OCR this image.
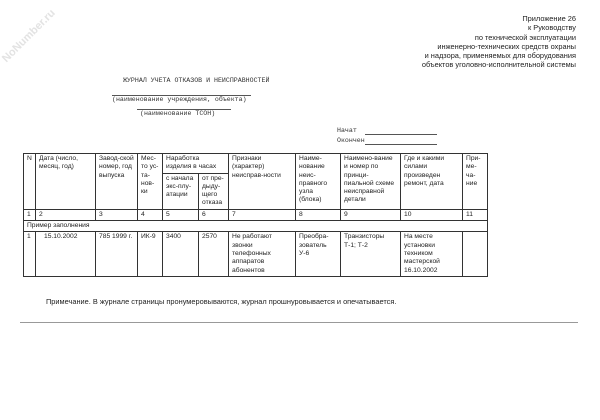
NoNumber.ru	Приложение 26
к Руководству
по технической эксплуатации
инженерно-технических средств охраны
и надзора, применяемых для оборудования
объектов уголовно-исполнительной системы
ЖУРНАЛ УЧЕТА ОТКАЗОВ И НЕИСПРАВНОСТЕЙ
(наименование учреждения, объекта)
(наименование ТСОН)
Начат
Окончен
N	Дата (число, месяц, год)	Завод-ской номер, год выпуска	Мес-то ус-та-нов-ки	Наработка изделия в часах		Признаки (характер) неисправ-ности	Наиме-нование неис-правного узла (блока)	Наимено-вание и номер по принци-пиальной схеме неисправной детали	Где и какими силами произведен ремонт, дата	При-ме-ча-ние
				с начала экс-плу-атации	от пре-дыду-щего отказа					
1	2	3	4	5	6	7	8	9	10	11
Пример заполнения										
1	15.10.2002	785 1999 г.	ИК-9	3400	2570	Не работают звонки телефонных аппаратов абонентов	Преобра-зователь У-6	Транзисторы Т-1; Т-2	На месте установки техником мастерской 16.10.2002	
Примечание. В журнале страницы пронумеровываются, журнал прошнуровывается и опечатывается.
